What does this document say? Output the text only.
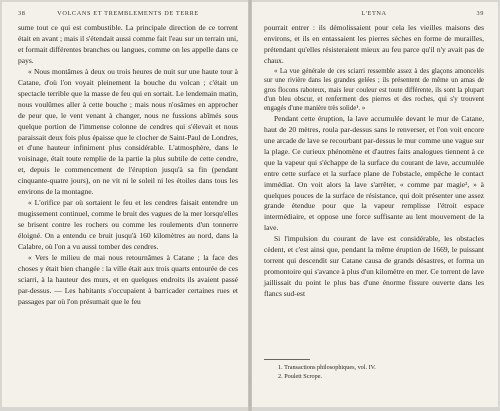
38	VOLCANS ET TREMBLEMENTS DE TERRE

sume tout ce qui est combustible. La principale direction de ce torrent était en avant ; mais il s'étendait aussi comme fait l'eau sur un terrain uni, et formait différentes branches ou langues, comme on les appelle dans ce pays.

« Nous montâmes à deux ou trois heures de nuit sur une haute tour à Catane, d'où l'on voyait pleinement la bouche du volcan ; c'était un spectacle terrible que la masse de feu qui en sortait. Le lendemain matin, nous voulûmes aller à cette bouche ; mais nous n'osâmes en approcher de peur que, le vent venant à changer, nous ne fussions abîmés sous quelque portion de l'immense colonne de cendres qui s'élevait et nous paraissait deux fois plus épaisse que le clocher de Saint-Paul de Londres, et d'une hauteur infiniment plus considérable. L'atmosphère, dans le voisinage, était toute remplie de la partie la plus subtile de cette cendre, et, depuis le commencement de l'éruption jusqu'à sa fin (pendant cinquante-quatre jours), on ne vit ni le soleil ni les étoiles dans tous les environs de la montagne.

« L'orifice par où sortaient le feu et les cendres faisait entendre un mugissement continuel, comme le bruit des vagues de la mer lorsqu'elles se brisent contre les rochers ou comme les roulements d'un tonnerre éloigné. On a entendu ce bruit jusqu'à 160 kilomètres au nord, dans la Calabre, où l'on a vu aussi tomber des cendres.

« Vers le milieu de mai nous retournâmes à Catane ; la face des choses y était bien changée : la ville était aux trois quarts entourée de ces sciarri, à la hauteur des murs, et en quelques endroits ils avaient passé par-dessus. — Les habitants s'occupaient à barricader certaines rues et passages par où l'on présumait que le feu

L'ETNA	39

pourrait entrer : ils démolissaient pour cela les vieilles maisons des environs, et ils en entassaient les pierres sèches en forme de murailles, prétendant qu'elles résisteraient mieux au feu parce qu'il n'y avait pas de chaux.

« La vue générale de ces sciarri ressemble assez à des glaçons amoncelés sur une rivière dans les grandes gelées ; ils présentent de même un amas de gros flocons raboteux, mais leur couleur est toute différente, ils sont la plupart d'un bleu obscur, et renferment des pierres et des roches, qui s'y trouvent engagés d'une manière très solide¹. »

Pendant cette éruption, la lave accumulée devant le mur de Catane, haut de 20 mètres, roula par-dessus sans le renverser, et l'on voit encore une arcade de lave se recourbant par-dessus le mur comme une vague sur la plage. Ce curieux phénomène et d'autres faits analogues tiennent à ce que la vapeur qui s'échappe de la surface du courant de lave, accumulée entre cette surface et la surface plane de l'obstacle, empêche le contact immédiat. On voit alors la lave s'arrêter, « comme par magie², » à quelques pouces de la surface de résistance, qui doit présenter une assez grande étendue pour que la vapeur remplisse l'étroit espace intermédiaire, et oppose une force suffisante au lent mouvement de la lave.

Si l'impulsion du courant de lave est considérable, les obstacles cèdent, et c'est ainsi que, pendant la même éruption de 1669, le puissant torrent qui descendit sur Catane causa de grands désastres, et forma un promontoire qui s'avance à plus d'un kilomètre en mer. Ce torrent de lave jaillissait du point le plus bas d'une énorme fissure ouverte dans les flancs sud-est

1. Transactions philosophiques, vol. IV.
2. Poulett Scrope.
